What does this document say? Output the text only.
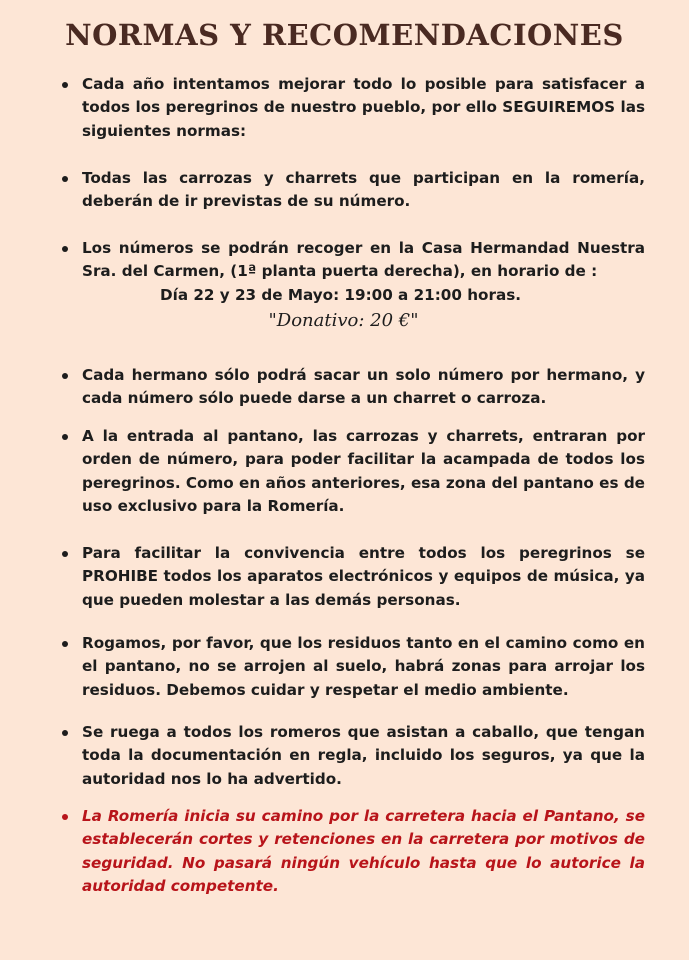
NORMAS Y RECOMENDACIONES
Cada año intentamos mejorar todo lo posible para satisfacer a todos los peregrinos de nuestro pueblo, por ello SEGUIREMOS las siguientes normas:
Todas las carrozas y charrets que participan en la romería, deberán de ir previstas de su número.
Los números se podrán recoger en la Casa Hermandad Nuestra Sra. del Carmen, (1ª planta puerta derecha), en horario de :
Día 22 y 23 de Mayo: 19:00 a 21:00 horas.
"Donativo: 20 €"
Cada hermano sólo podrá sacar un solo número por hermano, y cada número sólo puede darse a un charret o carroza.
A la entrada al pantano, las carrozas y charrets, entraran por orden de número, para poder facilitar la acampada de todos los peregrinos. Como en años anteriores, esa zona del pantano es de uso exclusivo para la Romería.
Para facilitar la convivencia entre todos los peregrinos se PROHIBE todos los aparatos electrónicos y equipos de música, ya que pueden molestar a las demás personas.
Rogamos, por favor, que los residuos tanto en el camino como en el pantano, no se arrojen al suelo, habrá zonas para arrojar los residuos. Debemos cuidar y respetar el medio ambiente.
Se ruega a todos los romeros que asistan a caballo, que tengan toda la documentación en regla, incluido los seguros, ya que la autoridad nos lo ha advertido.
La Romería inicia su camino por la carretera hacia el Pantano, se establecerán cortes y retenciones en la carretera por motivos de seguridad. No pasará ningún vehículo hasta que lo autorice la autoridad competente.
